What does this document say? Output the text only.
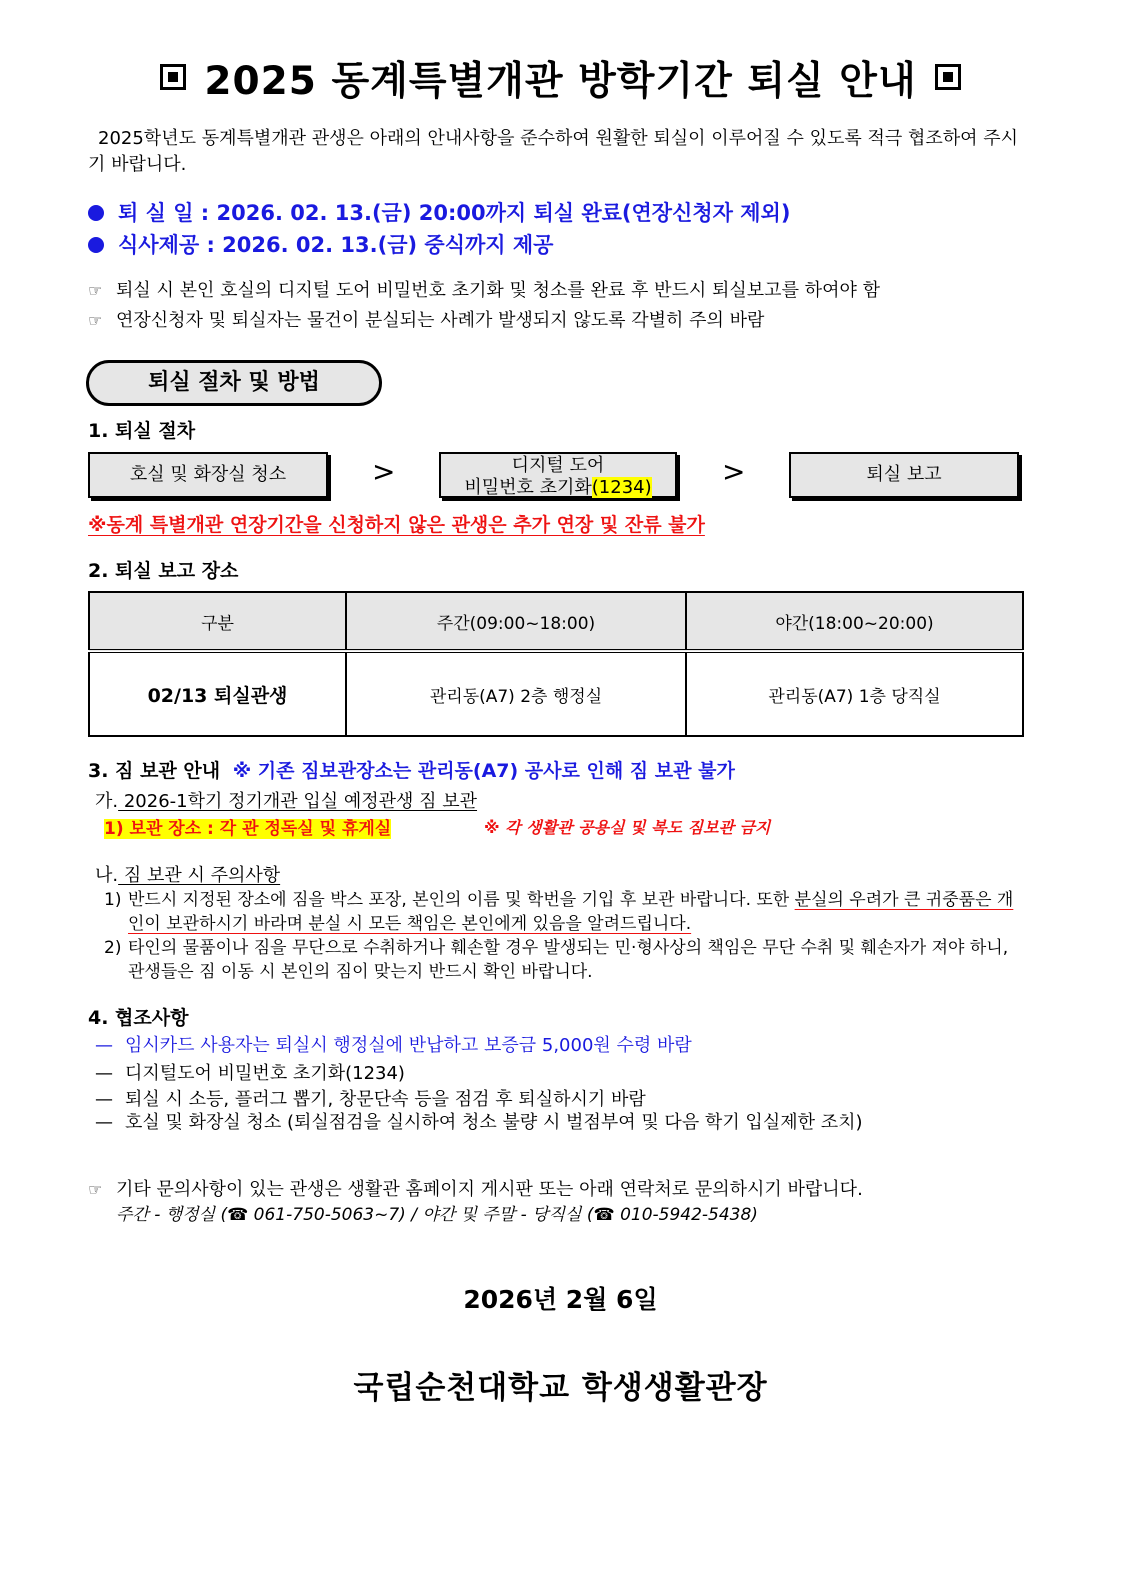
2025 동계특별개관 방학기간 퇴실 안내
2025학년도 동계특별개관 관생은 아래의 안내사항을 준수하여 원활한 퇴실이 이루어질 수 있도록 적극 협조하여 주시기 바랍니다.
퇴 실 일 : 2026. 02. 13.(금) 20:00까지 퇴실 완료(연장신청자 제외)
식사제공 : 2026. 02. 13.(금) 중식까지 제공
☞ 퇴실 시 본인 호실의 디지털 도어 비밀번호 초기화 및 청소를 완료 후 반드시 퇴실보고를 하여야 함
☞ 연장신청자 및 퇴실자는 물건이 분실되는 사례가 발생되지 않도록 각별히 주의 바람
퇴실 절차 및 방법
1. 퇴실 절차
호실 및 화장실 청소	>	디지털 도어
비밀번호 초기화(1234)	>	퇴실 보고
※동계 특별개관 연장기간을 신청하지 않은 관생은 추가 연장 및 잔류 불가
2. 퇴실 보고 장소
구분	주간(09:00~18:00)	야간(18:00~20:00)
02/13 퇴실관생	관리동(A7) 2층 행정실	관리동(A7) 1층 당직실
3. 짐 보관 안내 ※ 기존 짐보관장소는 관리동(A7) 공사로 인해 짐 보관 불가
가. 2026-1학기 정기개관 입실 예정관생 짐 보관
1) 보관 장소 : 각 관 정독실 및 휴게실	※ 각 생활관 공용실 및 복도 짐보관 금지
나. 짐 보관 시 주의사항
1) 반드시 지정된 장소에 짐을 박스 포장, 본인의 이름 및 학번을 기입 후 보관 바랍니다. 또한 분실의 우려가 큰 귀중품은 개인이 보관하시기 바라며 분실 시 모든 책임은 본인에게 있음을 알려드립니다.
2) 타인의 물품이나 짐을 무단으로 수취하거나 훼손할 경우 발생되는 민·형사상의 책임은 무단 수취 및 훼손자가 져야 하니, 관생들은 짐 이동 시 본인의 짐이 맞는지 반드시 확인 바랍니다.
4. 협조사항
— 임시카드 사용자는 퇴실시 행정실에 반납하고 보증금 5,000원 수령 바람
— 디지털도어 비밀번호 초기화(1234)
— 퇴실 시 소등, 플러그 뽑기, 창문단속 등을 점검 후 퇴실하시기 바람
— 호실 및 화장실 청소 (퇴실점검을 실시하여 청소 불량 시 벌점부여 및 다음 학기 입실제한 조치)
☞ 기타 문의사항이 있는 관생은 생활관 홈페이지 게시판 또는 아래 연락처로 문의하시기 바랍니다.
주간 - 행정실 (☎ 061-750-5063~7) / 야간 및 주말 - 당직실 (☎ 010-5942-5438)
2026년 2월 6일
국립순천대학교 학생생활관장
